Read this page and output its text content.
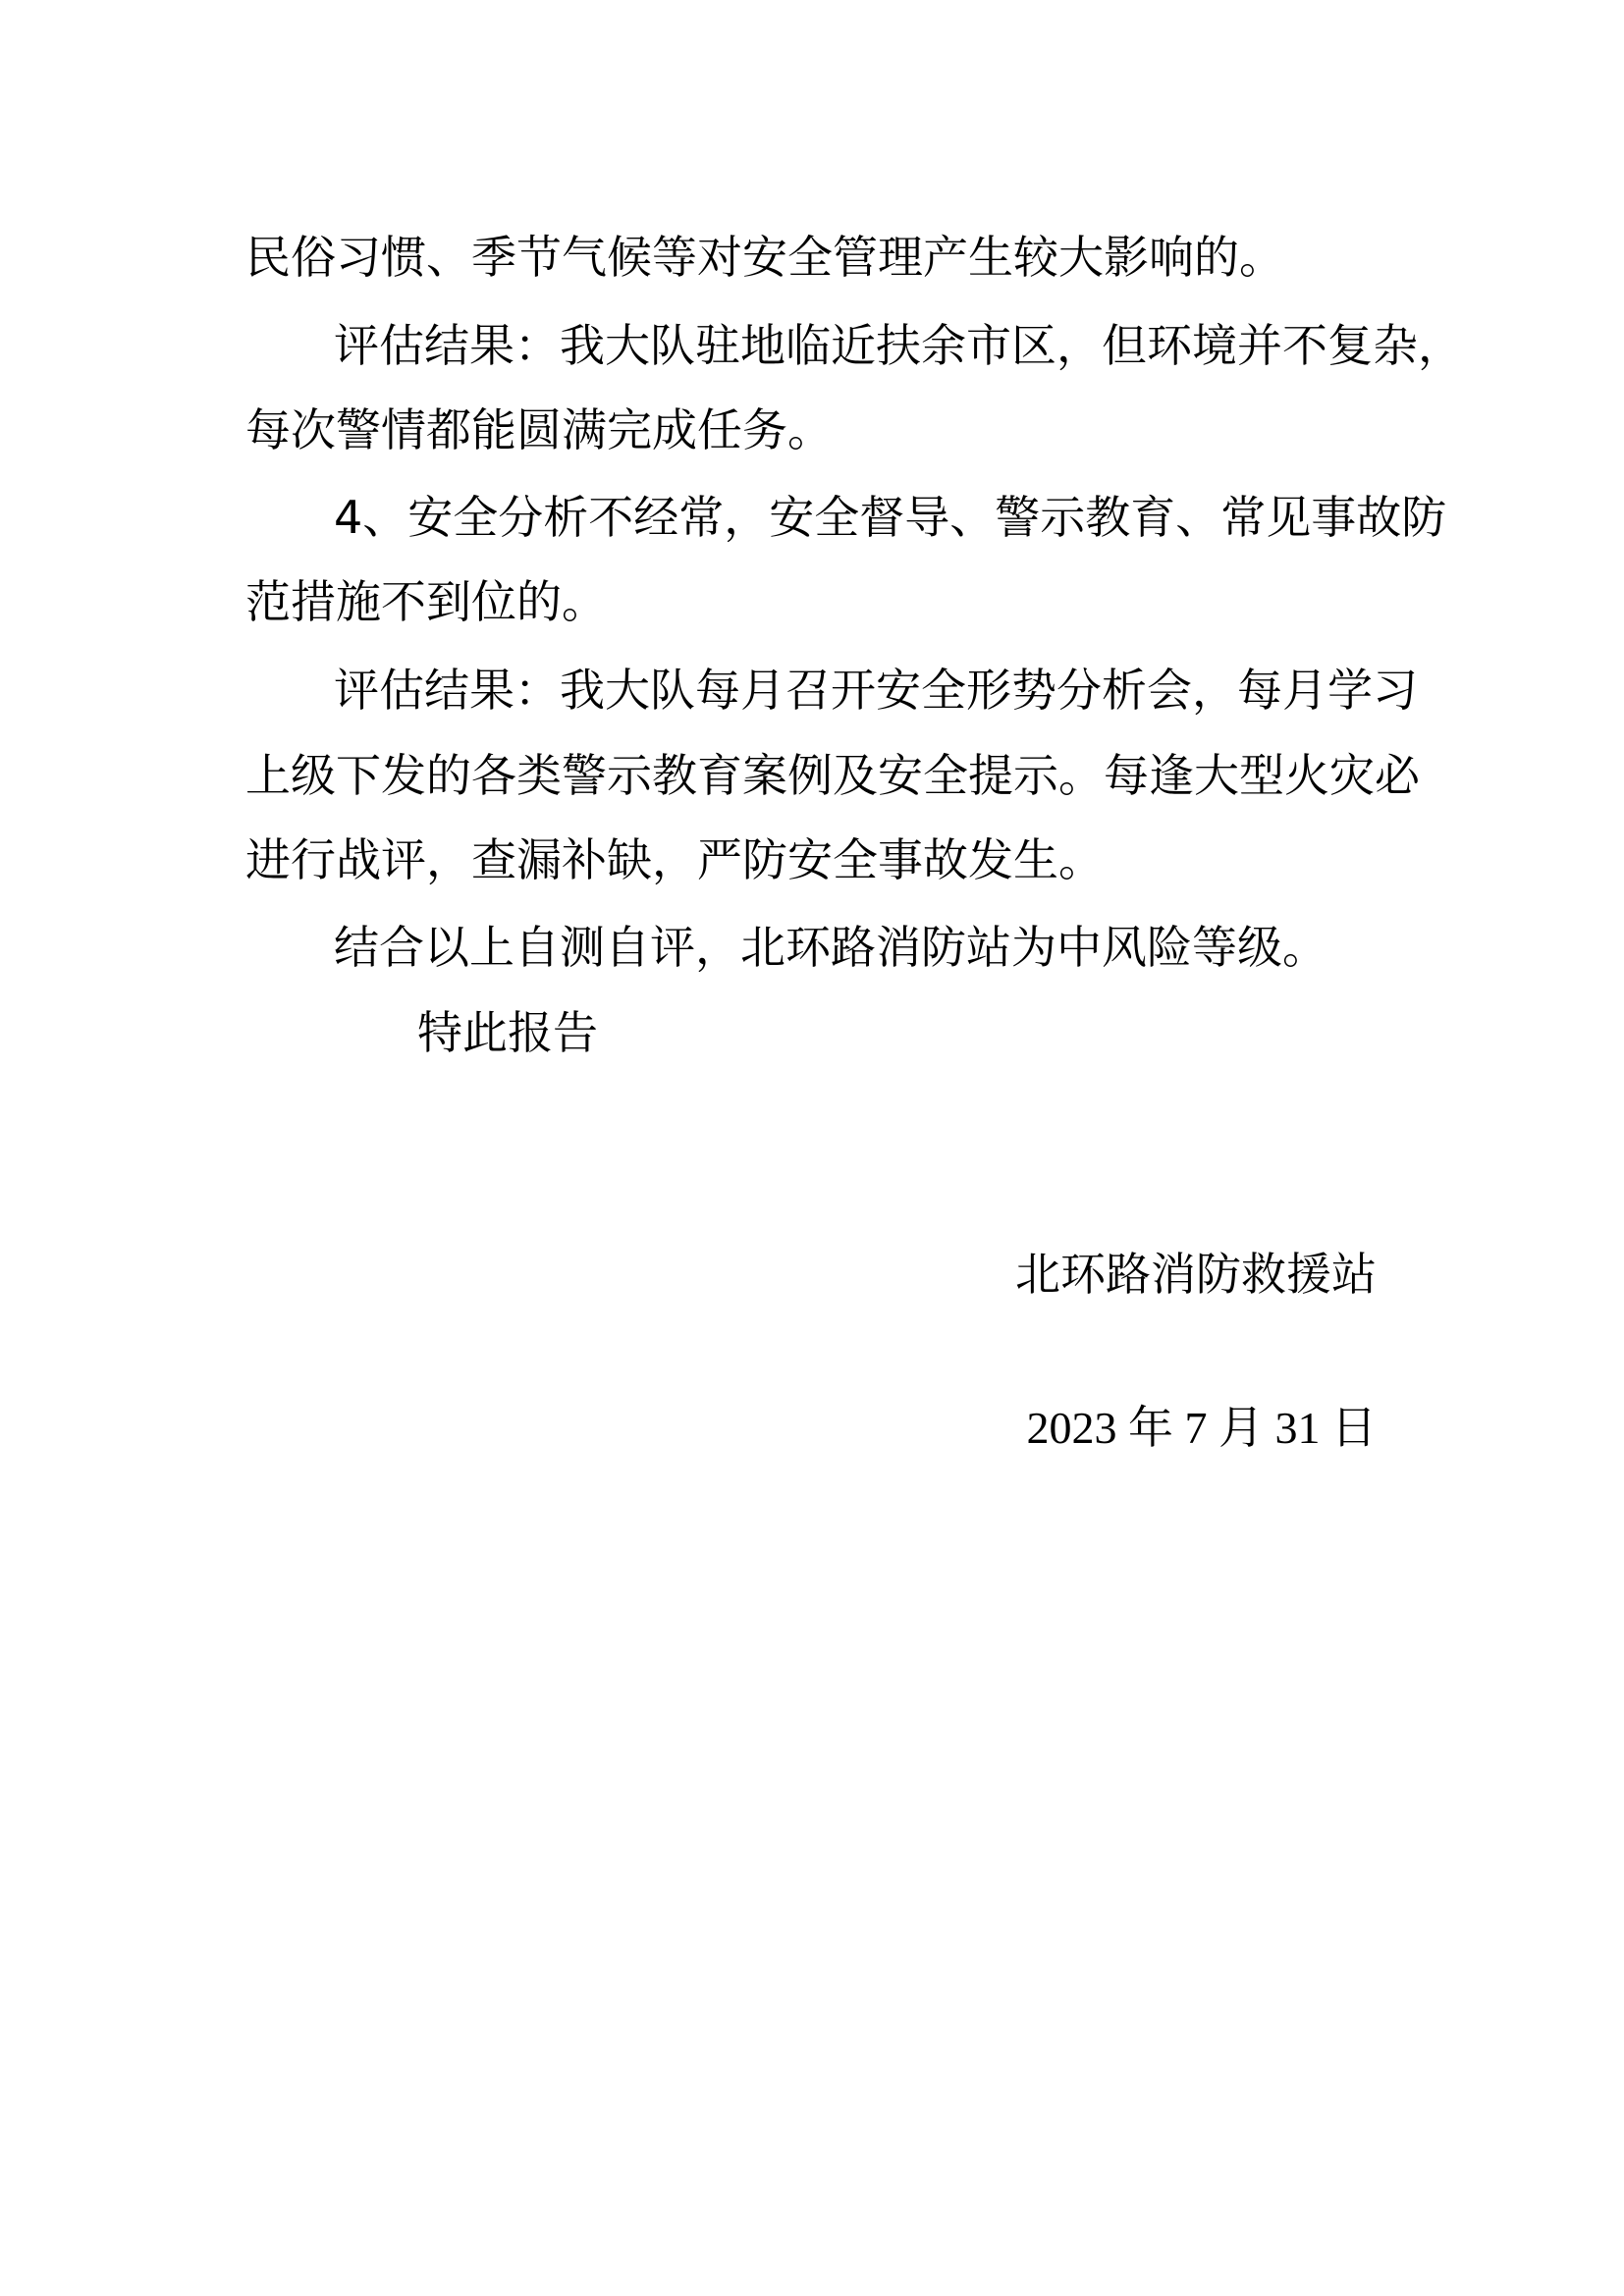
民俗习惯、季节气候等对安全管理产生较大影响的。
评估结果：我大队驻地临近扶余市区，但环境并不复杂，
每次警情都能圆满完成任务。
4、安全分析不经常，安全督导、警示教育、常见事故防
范措施不到位的。
评估结果：我大队每月召开安全形势分析会，每月学习
上级下发的各类警示教育案例及安全提示。每逢大型火灾必
进行战评，查漏补缺，严防安全事故发生。
结合以上自测自评，北环路消防站为中风险等级。
特此报告
北环路消防救援站
2023 年 7 月 31 日
